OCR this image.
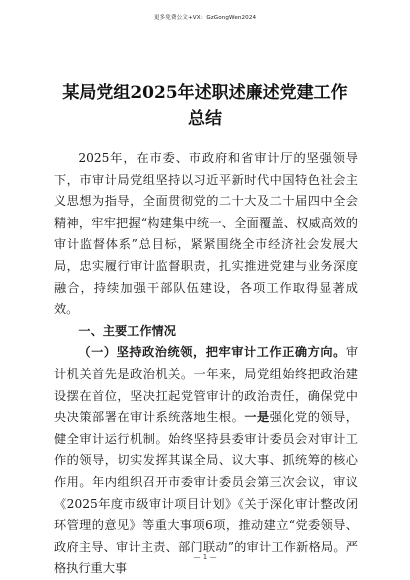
更多免费公文+VX：GzGongWen2024
某局党组2025年述职述廉述党建工作总结

2025年，在市委、市政府和省审计厅的坚强领导下，市审计局党组坚持以习近平新时代中国特色社会主义思想为指导，全面贯彻党的二十大及二十届四中全会精神，牢牢把握“构建集中统一、全面覆盖、权威高效的审计监督体系”总目标，紧紧围绕全市经济社会发展大局，忠实履行审计监督职责，扎实推进党建与业务深度融合，持续加强干部队伍建设，各项工作取得显著成效。

一、主要工作情况

（一）坚持政治统领，把牢审计工作正确方向。审计机关首先是政治机关。一年来，局党组始终把政治建设摆在首位，坚决扛起党管审计的政治责任，确保党中央决策部署在审计系统落地生根。一是强化党的领导，健全审计运行机制。始终坚持县委审计委员会对审计工作的领导，切实发挥其谋全局、议大事、抓统筹的核心作用。年内组织召开市委审计委员会第三次会议，审议《2025年度市级审计项目计划》《关于深化审计整改闭环管理的意见》等重大事项6项，推动建立“党委领导、政府主导、审计主责、部门联动”的审计工作新格局。严格执行重大事

— 1 —
